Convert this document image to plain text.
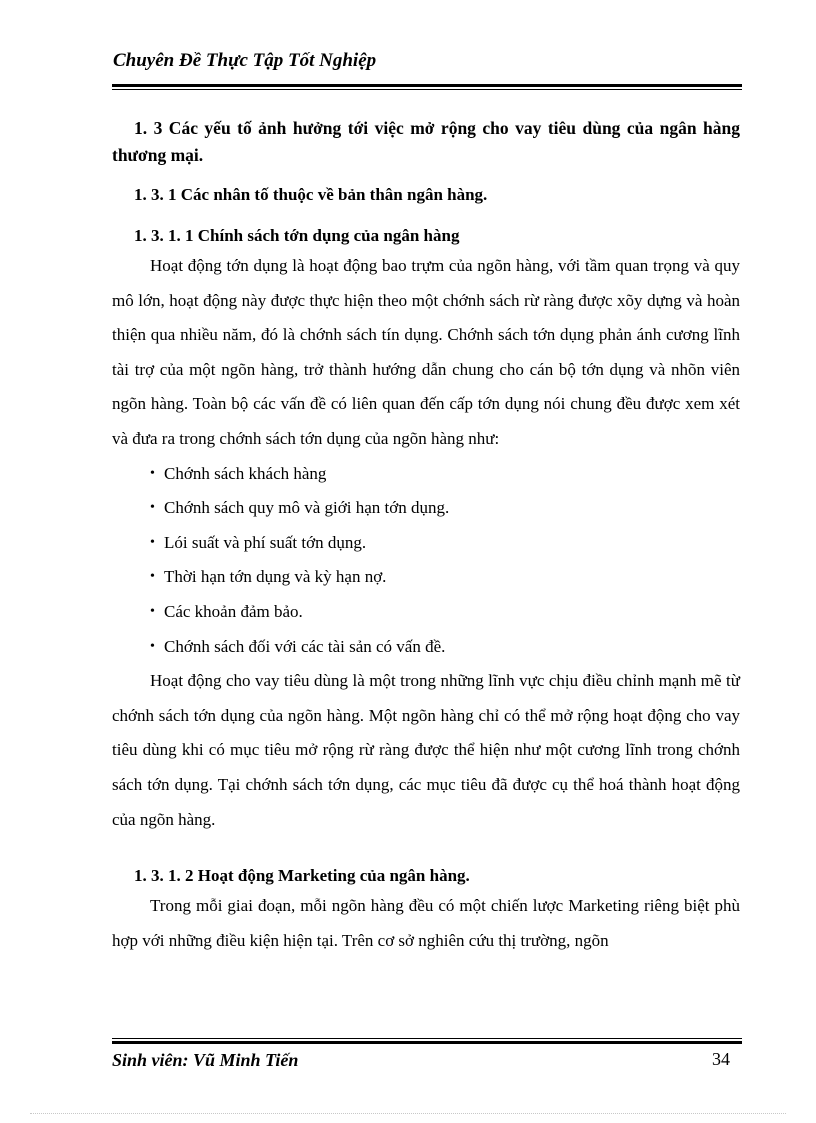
Chuyên Đề Thực Tập Tốt Nghiệp

1. 3 Các yếu tố ảnh hưởng tới việc mở rộng cho vay tiêu dùng của ngân hàng thương mại.

1. 3. 1 Các nhân tố thuộc về bản thân ngân hàng.

1. 3. 1. 1 Chính sách tớn dụng của ngân hàng

Hoạt động tớn dụng là hoạt động bao trựm của ngõn hàng, với tầm quan trọng và quy mô lớn, hoạt động này được thực hiện theo một chớnh sách rừ ràng được xõy dựng và hoàn thiện qua nhiều năm, đó là chớnh sách tín dụng. Chớnh sách tớn dụng phản ánh cương lĩnh tài trợ của một ngõn hàng, trở thành hướng dẫn chung cho cán bộ tớn dụng và nhõn viên ngõn hàng. Toàn bộ các vấn đề có liên quan đến cấp tớn dụng nói chung đều được xem xét và đưa ra trong chớnh sách tớn dụng của ngõn hàng như:

• Chớnh sách khách hàng
• Chớnh sách quy mô và giới hạn tớn dụng.
• Lói suất và phí suất tớn dụng.
• Thời hạn tớn dụng và kỳ hạn nợ.
• Các khoản đảm bảo.
• Chớnh sách đối với các tài sản có vấn đề.

Hoạt động cho vay tiêu dùng là một trong những lĩnh vực chịu điều chỉnh mạnh mẽ từ chớnh sách tớn dụng của ngõn hàng. Một ngõn hàng chỉ có thể mở rộng hoạt động cho vay tiêu dùng khi có mục tiêu mở rộng rừ ràng được thể hiện như một cương lĩnh trong chớnh sách tớn dụng. Tại chớnh sách tớn dụng, các mục tiêu đã được cụ thể hoá thành hoạt động của ngõn hàng.

1. 3. 1. 2 Hoạt động Marketing của ngân hàng.

Trong mỗi giai đoạn, mỗi ngõn hàng đều có một chiến lược Marketing riêng biệt phù hợp với những điều kiện hiện tại. Trên cơ sở nghiên cứu thị trường, ngõn

Sinh viên: Vũ Minh Tiến	34
